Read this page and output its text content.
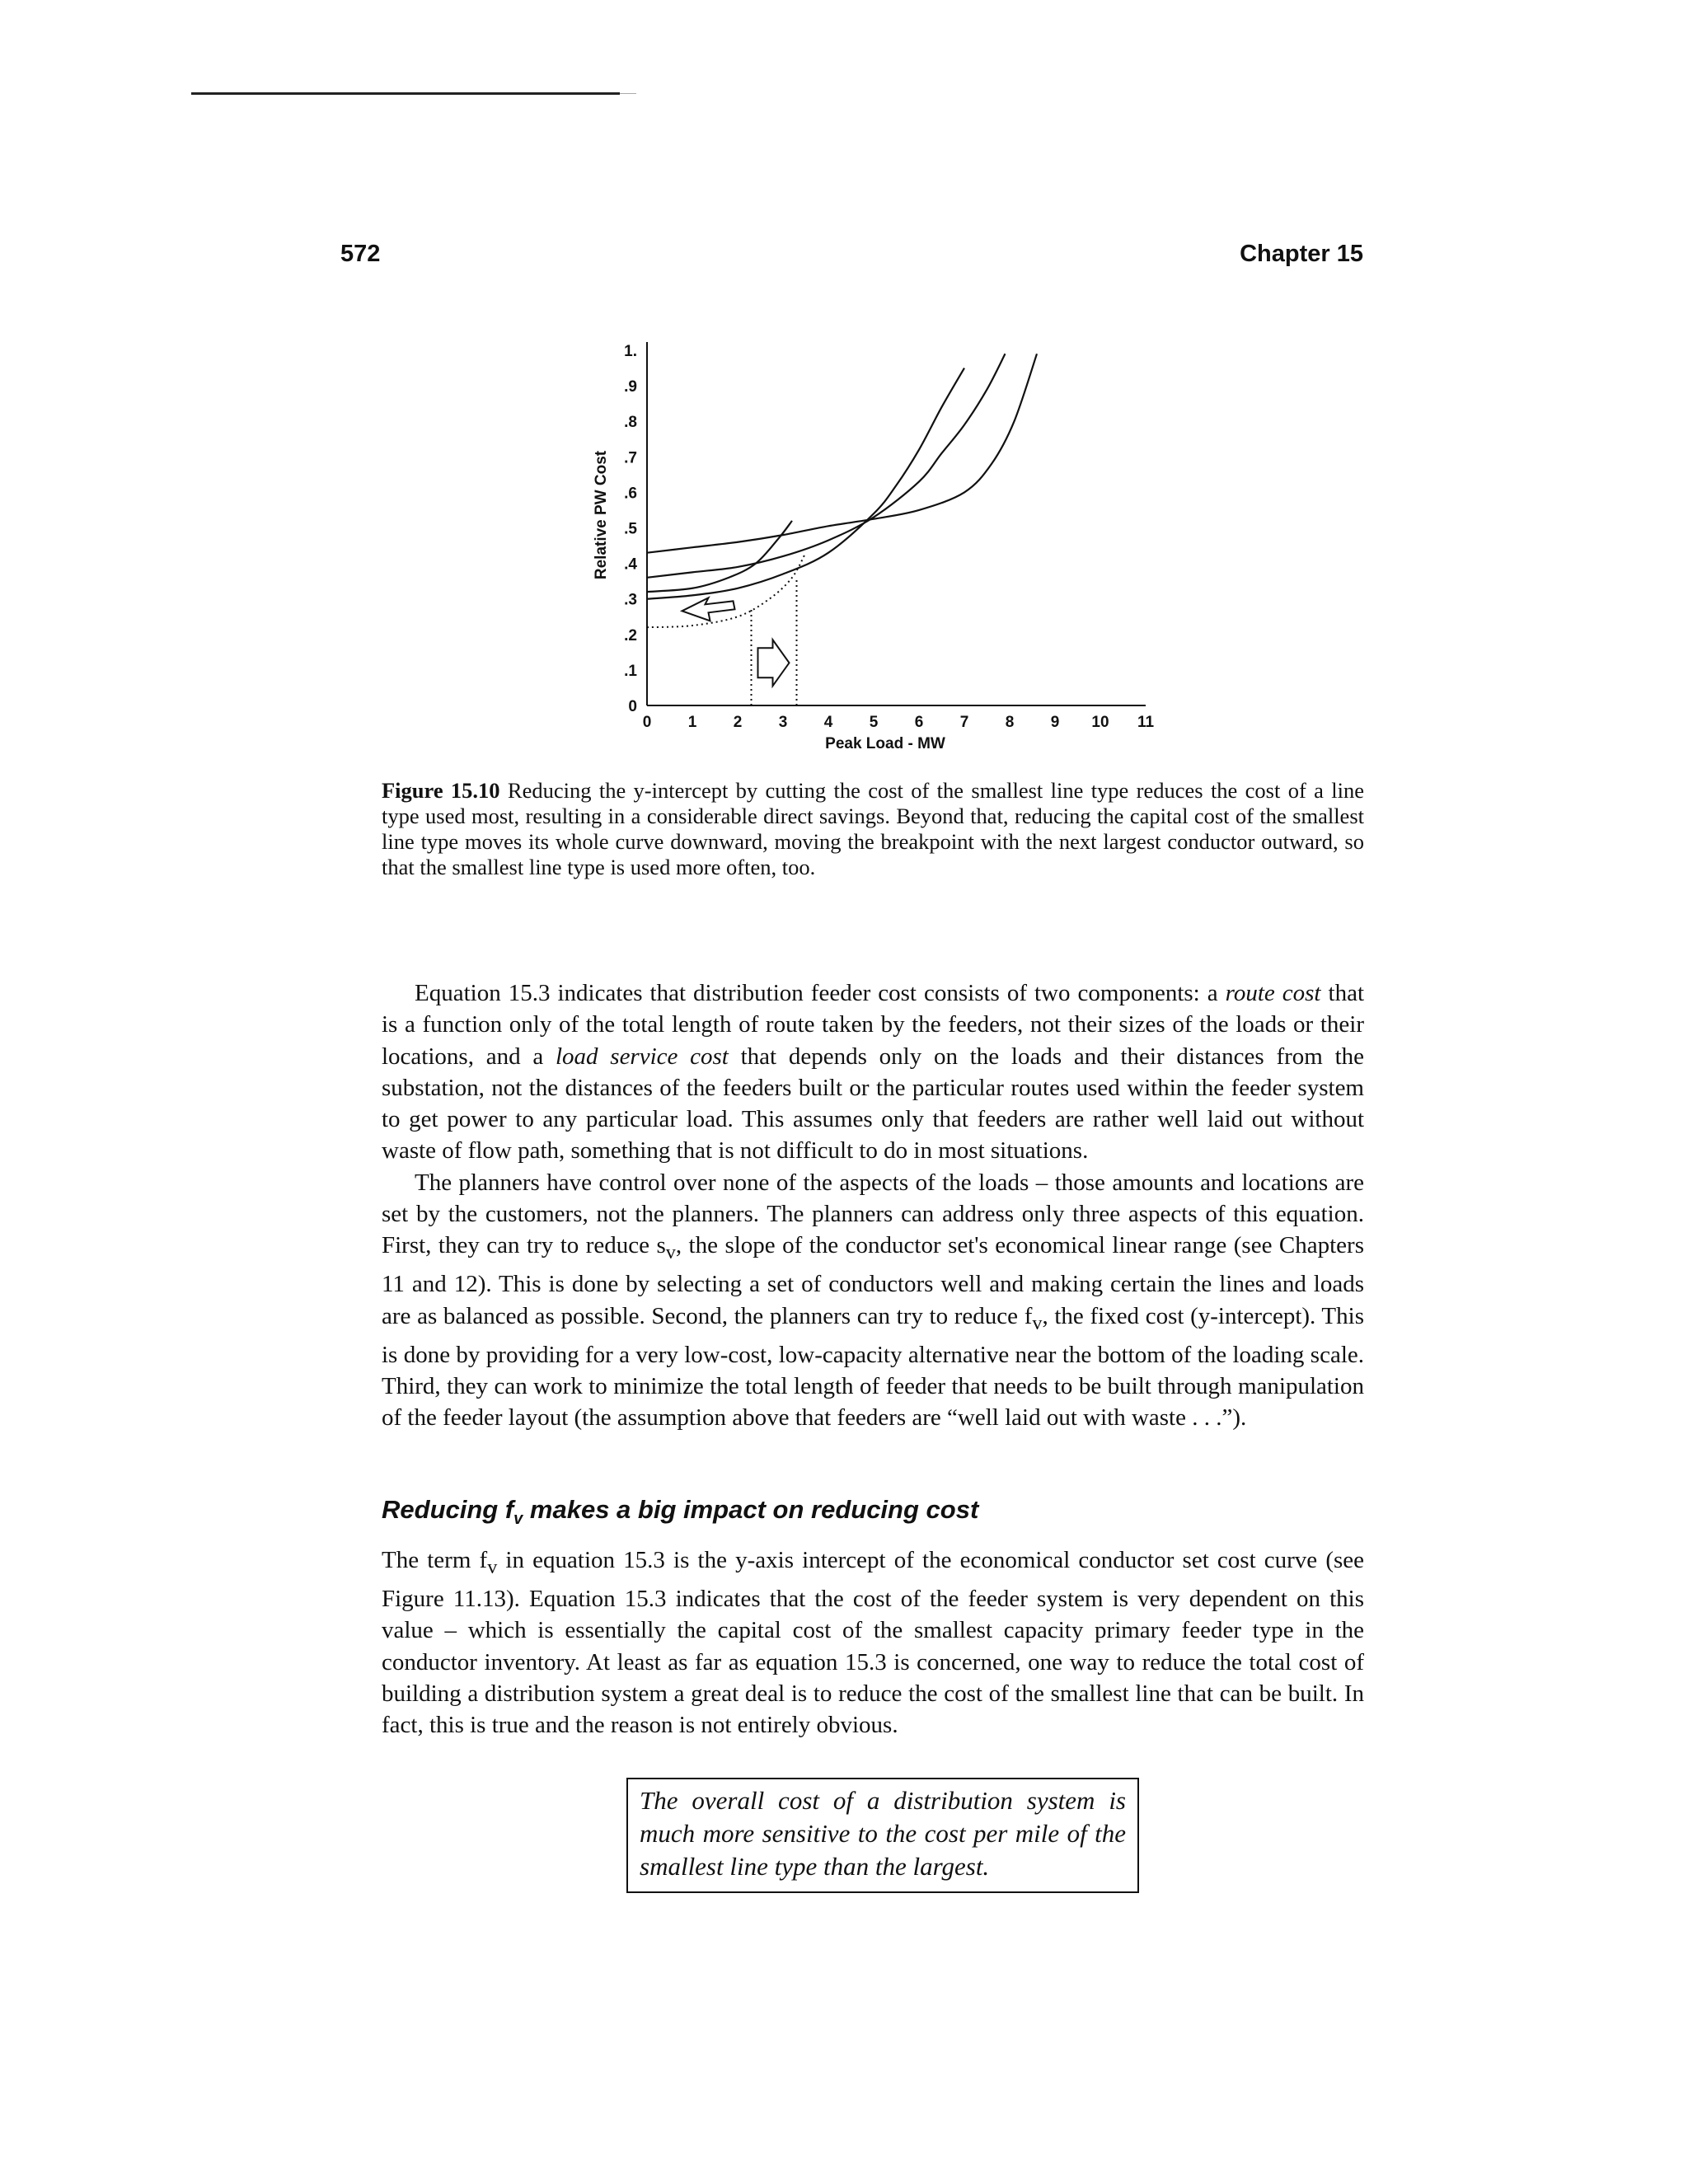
572	Chapter 15
0
.1
.2
.3
.4
.5
.6
.7
.8
.9
1.
0 1 2 3 4 5 6 7 8 9 10 11
Relative PW Cost
Peak Load - MW
Figure 15.10 Reducing the y-intercept by cutting the cost of the smallest line type reduces the cost of a line type used most, resulting in a considerable direct savings. Beyond that, reducing the capital cost of the smallest line type moves its whole curve downward, moving the breakpoint with the next largest conductor outward, so that the smallest line type is used more often, too.

Equation 15.3 indicates that distribution feeder cost consists of two components: a route cost that is a function only of the total length of route taken by the feeders, not their sizes of the loads or their locations, and a load service cost that depends only on the loads and their distances from the substation, not the distances of the feeders built or the particular routes used within the feeder system to get power to any particular load. This assumes only that feeders are rather well laid out without waste of flow path, something that is not difficult to do in most situations.

The planners have control over none of the aspects of the loads – those amounts and locations are set by the customers, not the planners. The planners can address only three aspects of this equation. First, they can try to reduce $s_v$, the slope of the conductor set's economical linear range (see Chapters 11 and 12). This is done by selecting a set of conductors well and making certain the lines and loads are as balanced as possible. Second, the planners can try to reduce $f_v$, the fixed cost (y-intercept). This is done by providing for a very low-cost, low-capacity alternative near the bottom of the loading scale. Third, they can work to minimize the total length of feeder that needs to be built through manipulation of the feeder layout (the assumption above that feeders are “well laid out with waste . . .”).

Reducing $f_v$ makes a big impact on reducing cost

The term $f_v$ in equation 15.3 is the y-axis intercept of the economical conductor set cost curve (see Figure 11.13). Equation 15.3 indicates that the cost of the feeder system is very dependent on this value – which is essentially the capital cost of the smallest capacity primary feeder type in the conductor inventory. At least as far as equation 15.3 is concerned, one way to reduce the total cost of building a distribution system a great deal is to reduce the cost of the smallest line that can be built. In fact, this is true and the reason is not entirely obvious.

The overall cost of a distribution system is much more sensitive to the cost per mile of the smallest line type than the largest.
